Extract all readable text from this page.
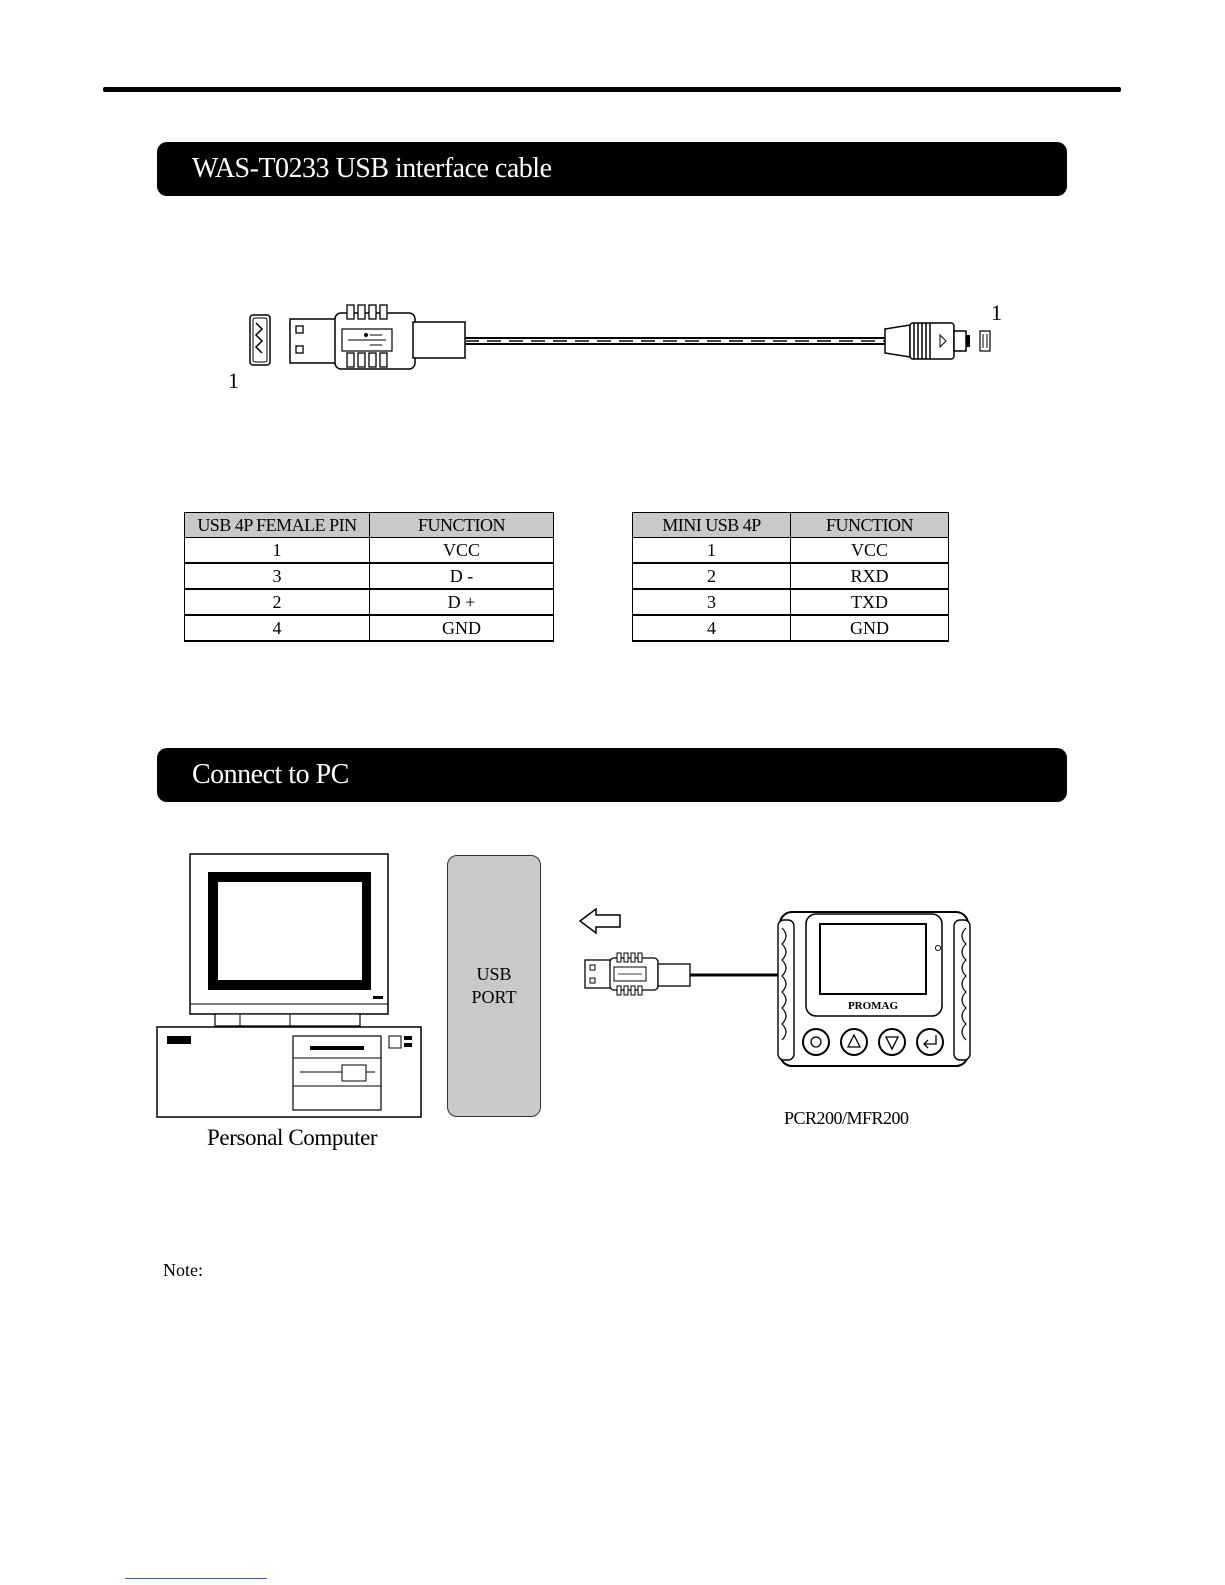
WAS-T0233 USB interface cable
1
1
USB 4P FEMALE PIN	FUNCTION
1	VCC
3	D -
2	D +
4	GND
MINI USB 4P	FUNCTION
1	VCC
2	RXD
3	TXD
4	GND
Connect to PC
Personal Computer
USB
PORT	PROMAG
PCR200/MFR200
Note:
